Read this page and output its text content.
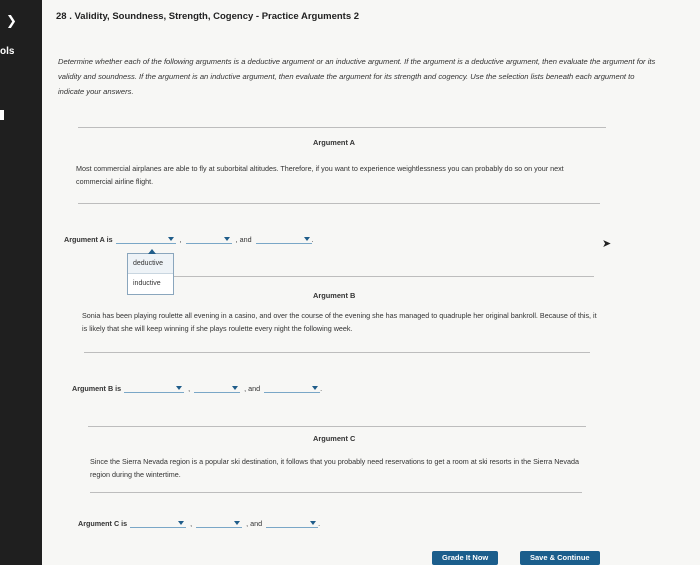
❯
ols
28 . Validity, Soundness, Strength, Cogency - Practice Arguments 2
Determine whether each of the following arguments is a deductive argument or an inductive argument. If the argument is a deductive argument, then evaluate the argument for its validity and soundness. If the argument is an inductive argument, then evaluate the argument for its strength and cogency. Use the selection lists beneath each argument to indicate your answers.
Argument A
Most commercial airplanes are able to fly at suborbital altitudes. Therefore, if you want to experience weightlessness you can probably do so on your next commercial airline flight.
Argument A is	,	, and	.
deductive
inductive
Argument B
Sonia has been playing roulette all evening in a casino, and over the course of the evening she has managed to quadruple her original bankroll. Because of this, it is likely that she will keep winning if she plays roulette every night the following week.
Argument B is	,	, and	.
Argument C
Since the Sierra Nevada region is a popular ski destination, it follows that you probably need reservations to get a room at ski resorts in the Sierra Nevada region during the wintertime.
Argument C is	,	, and	.
Grade It Now	Save & Continue
➤
